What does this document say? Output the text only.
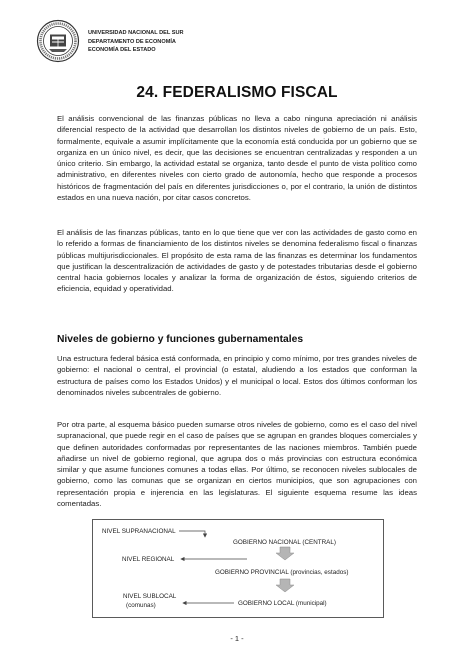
UNIVERSIDAD NACIONAL DEL SUR
DEPARTAMENTO DE ECONOMÍA
ECONOMÍA DEL ESTADO
24. FEDERALISMO FISCAL

El análisis convencional de las finanzas públicas no lleva a cabo ninguna apreciación ni análisis diferencial respecto de la actividad que desarrollan los distintos niveles de gobierno de un país. Esto, formalmente, equivale a asumir implícitamente que la economía está conducida por un gobierno que se organiza en un único nivel, es decir, que las decisiones se encuentran centralizadas y responden a un único criterio. Sin embargo, la actividad estatal se organiza, tanto desde el punto de vista político como administrativo, en diferentes niveles con cierto grado de autonomía, hecho que responde a procesos históricos de fragmentación del país en diferentes jurisdicciones o, por el contrario, la unión de distintos estados en una nueva nación, por citar casos concretos.

El análisis de las finanzas públicas, tanto en lo que tiene que ver con las actividades de gasto como en lo referido a formas de financiamiento de los distintos niveles se denomina federalismo fiscal o finanzas públicas multijurisdiccionales. El propósito de esta rama de las finanzas es determinar los fundamentos que justifican la descentralización de actividades de gasto y de potestades tributarias desde el gobierno central hacia gobiernos locales y analizar la forma de organización de éstos, siguiendo criterios de eficiencia, equidad y operatividad.

Niveles de gobierno y funciones gubernamentales

Una estructura federal básica está conformada, en principio y como mínimo, por tres grandes niveles de gobierno: el nacional o central, el provincial (o estatal, aludiendo a los estados que conforman la estructura de países como los Estados Unidos) y el municipal o local. Estos dos últimos conforman los denominados niveles subcentrales de gobierno.

Por otra parte, al esquema básico pueden sumarse otros niveles de gobierno, como es el caso del nivel supranacional, que puede regir en el caso de países que se agrupan en grandes bloques comerciales y que definen autoridades conformadas por representantes de las naciones miembros. También puede añadirse un nivel de gobierno regional, que agrupa dos o más provincias con estructura económica similar y que asume funciones comunes a todas ellas. Por último, se reconocen niveles sublocales de gobierno, como las comunas que se organizan en ciertos municipios, que son agrupaciones con representación propia e injerencia en las legislaturas. El siguiente esquema resume las ideas comentadas.

NIVEL SUPRANACIONAL
GOBIERNO NACIONAL (CENTRAL)
NIVEL REGIONAL
GOBIERNO PROVINCIAL (provincias, estados)
NIVEL SUBLOCAL
GOBIERNO LOCAL (municipal)
(comunas)
- 1 -
